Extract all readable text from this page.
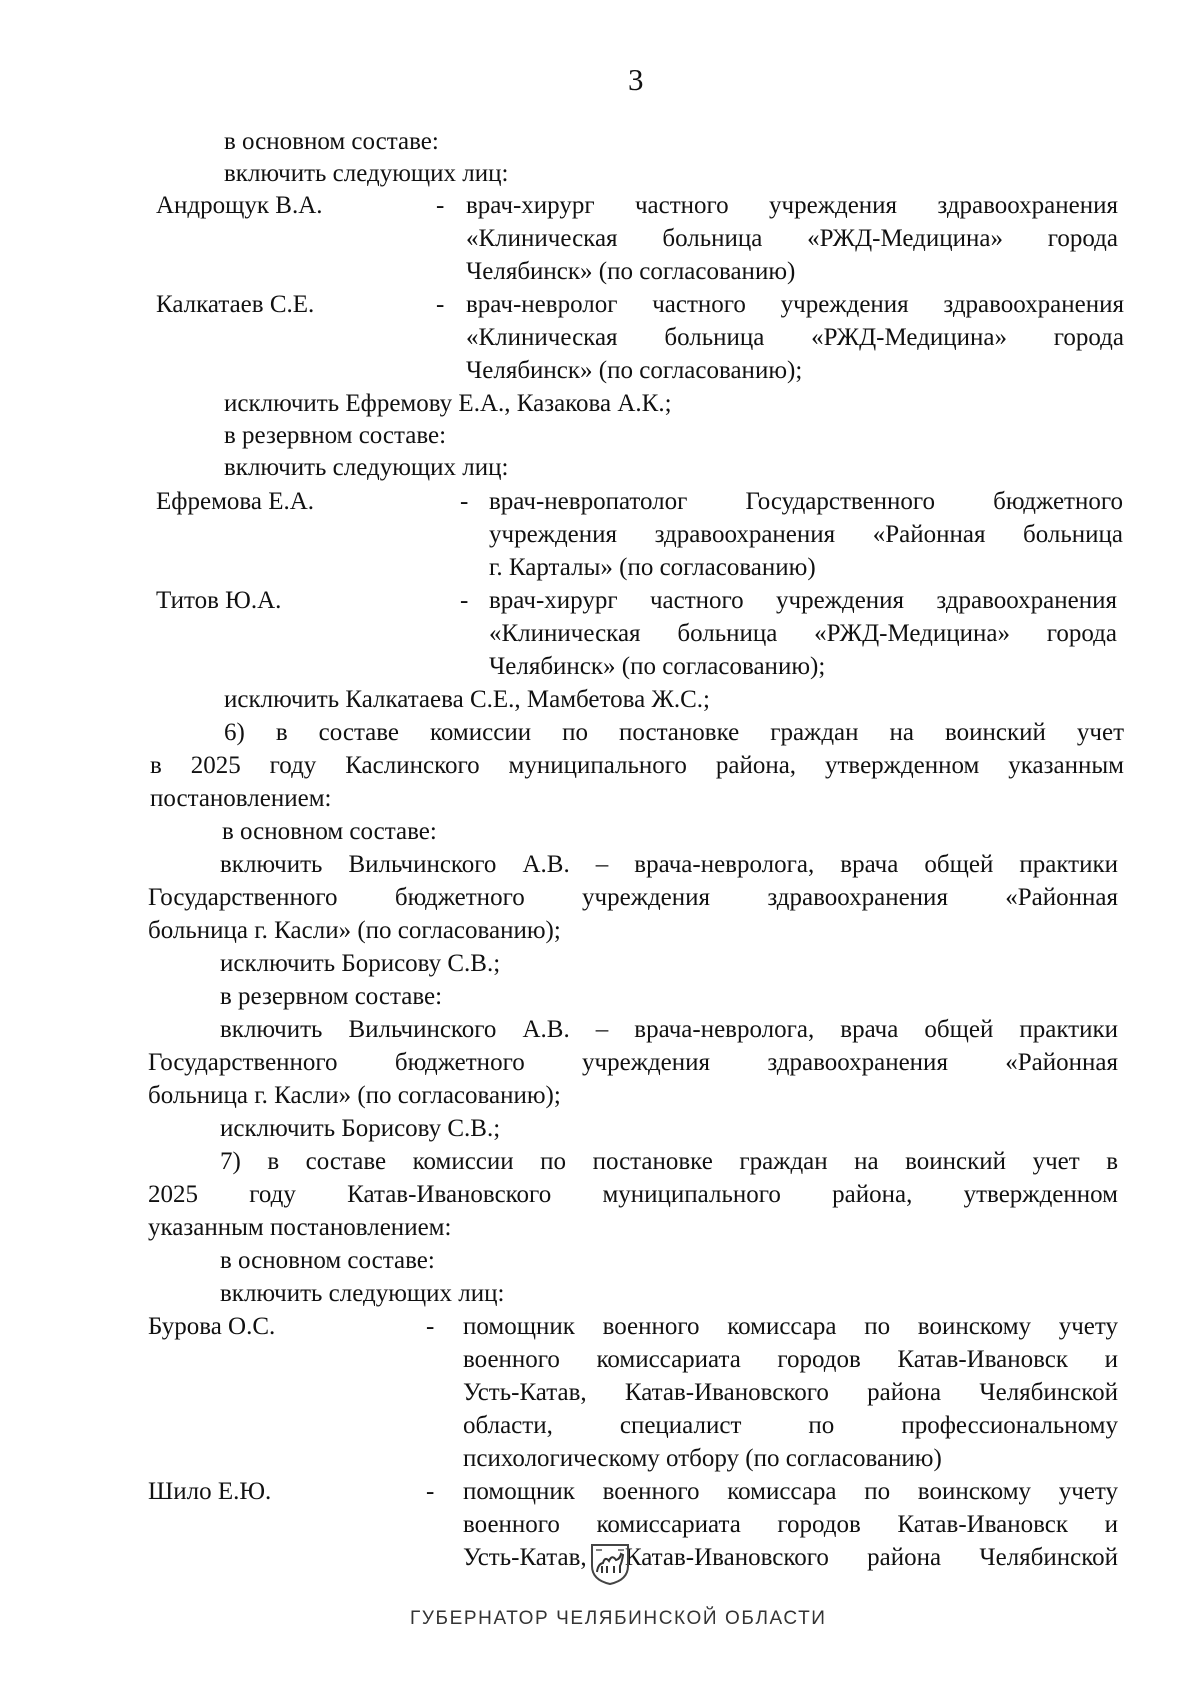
3
в основном составе:
включить следующих лиц:
Андрощук В.А.	- врач-хирург частного учреждения здравоохранения
«Клиническая больница «РЖД-Медицина» города
Челябинск» (по согласованию)
Калкатаев С.Е.	- врач-невролог частного учреждения здравоохранения
«Клиническая больница «РЖД-Медицина» города
Челябинск» (по согласованию);
исключить Ефремову Е.А., Казакова А.К.;
в резервном составе:
включить следующих лиц:
Ефремова Е.А.	- врач-невропатолог Государственного бюджетного
учреждения здравоохранения «Районная больница
г. Карталы» (по согласованию)
Титов Ю.А.	- врач-хирург частного учреждения здравоохранения
«Клиническая больница «РЖД-Медицина» города
Челябинск» (по согласованию);
исключить Калкатаева С.Е., Мамбетова Ж.С.;
6) в составе комиссии по постановке граждан на воинский учет
в 2025 году Каслинского муниципального района, утвержденном указанным
постановлением:
в основном составе:
включить Вильчинского А.В. – врача-невролога, врача общей практики
Государственного бюджетного учреждения здравоохранения «Районная
больница г. Касли» (по согласованию);
исключить Борисову С.В.;
в резервном составе:
включить Вильчинского А.В. – врача-невролога, врача общей практики
Государственного бюджетного учреждения здравоохранения «Районная
больница г. Касли» (по согласованию);
исключить Борисову С.В.;
7) в составе комиссии по постановке граждан на воинский учет в
2025 году Катав-Ивановского муниципального района, утвержденном
указанным постановлением:
в основном составе:
включить следующих лиц:
Бурова О.С.	- помощник военного комиссара по воинскому учету
военного комиссариата городов Катав-Ивановск и
Усть-Катав, Катав-Ивановского района Челябинской
области, специалист по профессиональному
психологическому отбору (по согласованию)
Шило Е.Ю.	- помощник военного комиссара по воинскому учету
военного комиссариата городов Катав-Ивановск и
Усть-Катав, Катав-Ивановского района Челябинской
ГУБЕРНАТОР ЧЕЛЯБИНСКОЙ ОБЛАСТИ
